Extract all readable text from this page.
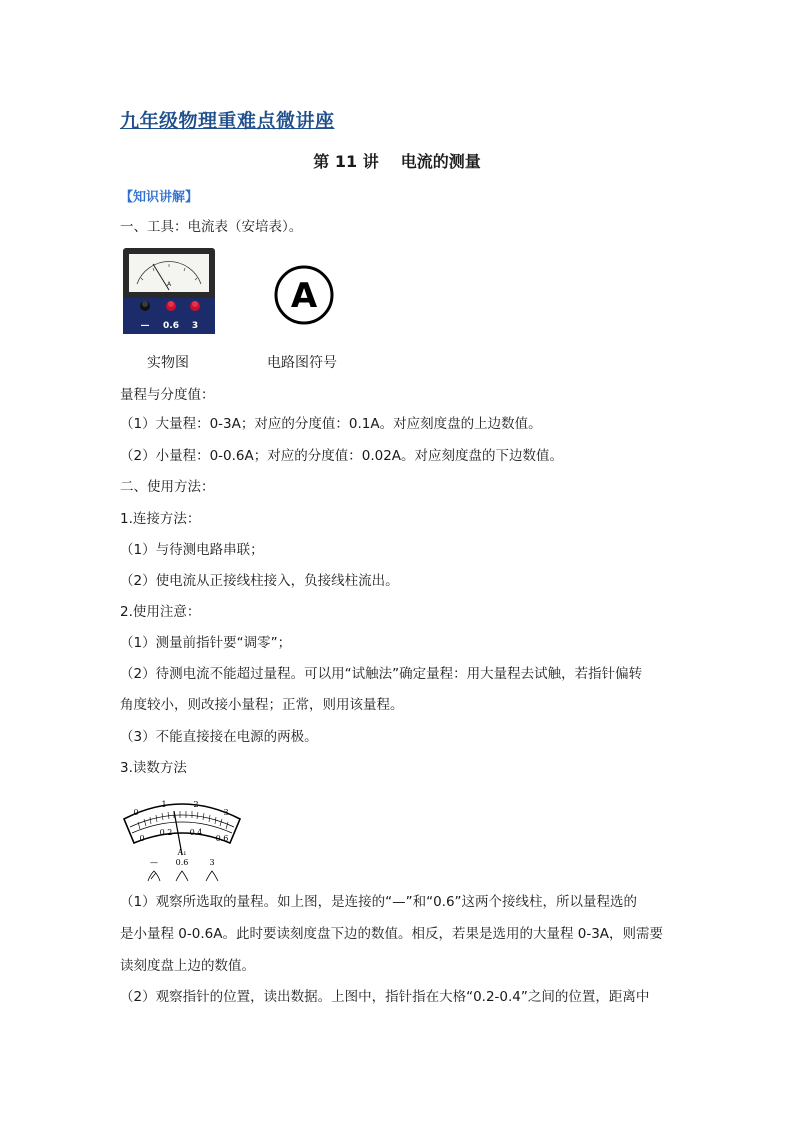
九年级物理重难点微讲座
第 11 讲 电流的测量
【知识讲解】
一、工具：电流表（安培表）。
A
— 0.6 3
A
实物图	电路图符号
量程与分度值：
（1）大量程：0-3A；对应的分度值：0.1A。对应刻度盘的上边数值。
（2）小量程：0-0.6A；对应的分度值：0.02A。对应刻度盘的下边数值。
二、使用方法：
1.连接方法：
（1）与待测电路串联；
（2）使电流从正接线柱接入，负接线柱流出。
2.使用注意：
（1）测量前指针要“调零”；
（2）待测电流不能超过量程。可以用“试触法”确定量程：用大量程去试触，若指针偏转
角度较小，则改接小量程；正常，则用该量程。
（3）不能直接接在电源的两极。
3.读数方法
0
1	2
3
0
0.2 0.4
0.6
A₁
— 0.6	3
（1）观察所选取的量程。如上图，是连接的“—”和“0.6”这两个接线柱，所以量程选的
是小量程 0-0.6A。此时要读刻度盘下边的数值。相反，若果是选用的大量程 0-3A，则需要
读刻度盘上边的数值。
（2）观察指针的位置，读出数据。上图中，指针指在大格“0.2-0.4”之间的位置，距离中
